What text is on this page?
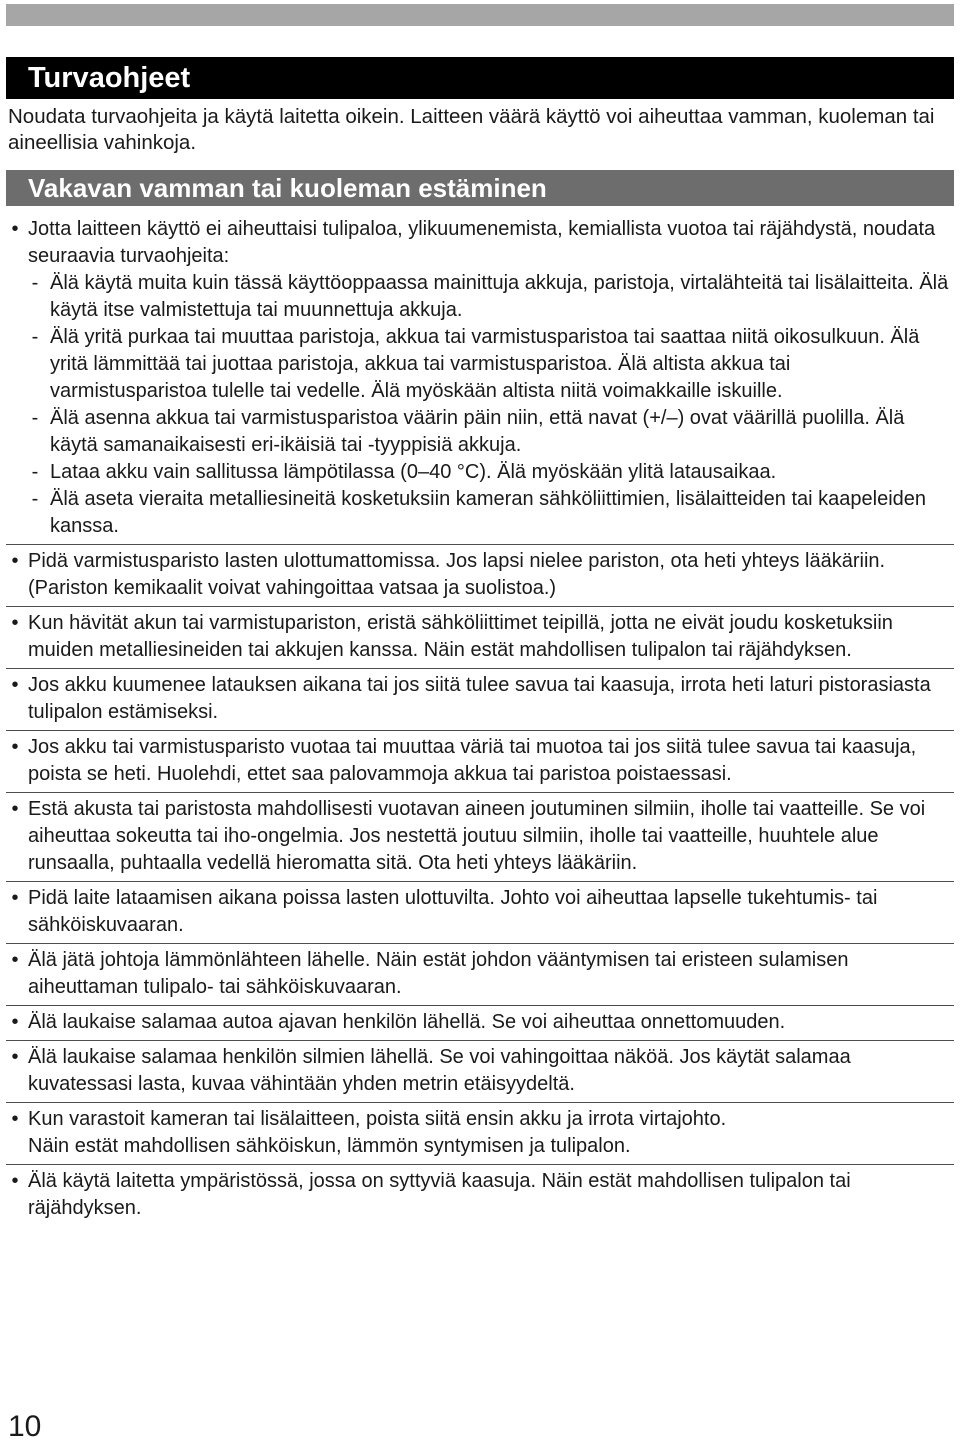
Turvaohjeet

Noudata turvaohjeita ja käytä laitetta oikein. Laitteen väärä käyttö voi aiheuttaa vamman, kuoleman tai aineellisia vahinkoja.

Vakavan vamman tai kuoleman estäminen
• Jotta laitteen käyttö ei aiheuttaisi tulipaloa, ylikuumenemista, kemiallista vuotoa tai räjähdystä, noudata seuraavia turvaohjeita:
- Älä käytä muita kuin tässä käyttöoppaassa mainittuja akkuja, paristoja, virtalähteitä tai lisälaitteita. Älä käytä itse valmistettuja tai muunnettuja akkuja.
- Älä yritä purkaa tai muuttaa paristoja, akkua tai varmistusparistoa tai saattaa niitä oikosulkuun. Älä yritä lämmittää tai juottaa paristoja, akkua tai varmistusparistoa. Älä altista akkua tai varmistusparistoa tulelle tai vedelle. Älä myöskään altista niitä voimakkaille iskuille.
- Älä asenna akkua tai varmistusparistoa väärin päin niin, että navat (+/–) ovat väärillä puolilla. Älä käytä samanaikaisesti eri-ikäisiä tai -tyyppisiä akkuja.
- Lataa akku vain sallitussa lämpötilassa (0–40 °C). Älä myöskään ylitä latausaikaa.
- Älä aseta vieraita metalliesineitä kosketuksiin kameran sähköliittimien, lisälaitteiden tai kaapeleiden kanssa.
• Pidä varmistusparisto lasten ulottumattomissa. Jos lapsi nielee pariston, ota heti yhteys lääkäriin. (Pariston kemikaalit voivat vahingoittaa vatsaa ja suolistoa.)
• Kun hävität akun tai varmistupariston, eristä sähköliittimet teipillä, jotta ne eivät joudu kosketuksiin muiden metalliesineiden tai akkujen kanssa. Näin estät mahdollisen tulipalon tai räjähdyksen.
• Jos akku kuumenee latauksen aikana tai jos siitä tulee savua tai kaasuja, irrota heti laturi pistorasiasta tulipalon estämiseksi.
• Jos akku tai varmistusparisto vuotaa tai muuttaa väriä tai muotoa tai jos siitä tulee savua tai kaasuja, poista se heti. Huolehdi, ettet saa palovammoja akkua tai paristoa poistaessasi.
• Estä akusta tai paristosta mahdollisesti vuotavan aineen joutuminen silmiin, iholle tai vaatteille. Se voi aiheuttaa sokeutta tai iho-ongelmia. Jos nestettä joutuu silmiin, iholle tai vaatteille, huuhtele alue runsaalla, puhtaalla vedellä hieromatta sitä. Ota heti yhteys lääkäriin.
• Pidä laite lataamisen aikana poissa lasten ulottuvilta. Johto voi aiheuttaa lapselle tukehtumis- tai sähköiskuvaaran.
• Älä jätä johtoja lämmönlähteen lähelle. Näin estät johdon vääntymisen tai eristeen sulamisen aiheuttaman tulipalo- tai sähköiskuvaaran.
• Älä laukaise salamaa autoa ajavan henkilön lähellä. Se voi aiheuttaa onnettomuuden.
• Älä laukaise salamaa henkilön silmien lähellä. Se voi vahingoittaa näköä. Jos käytät salamaa kuvatessasi lasta, kuvaa vähintään yhden metrin etäisyydeltä.
• Kun varastoit kameran tai lisälaitteen, poista siitä ensin akku ja irrota virtajohto.
Näin estät mahdollisen sähköiskun, lämmön syntymisen ja tulipalon.
• Älä käytä laitetta ympäristössä, jossa on syttyviä kaasuja. Näin estät mahdollisen tulipalon tai räjähdyksen.
10
